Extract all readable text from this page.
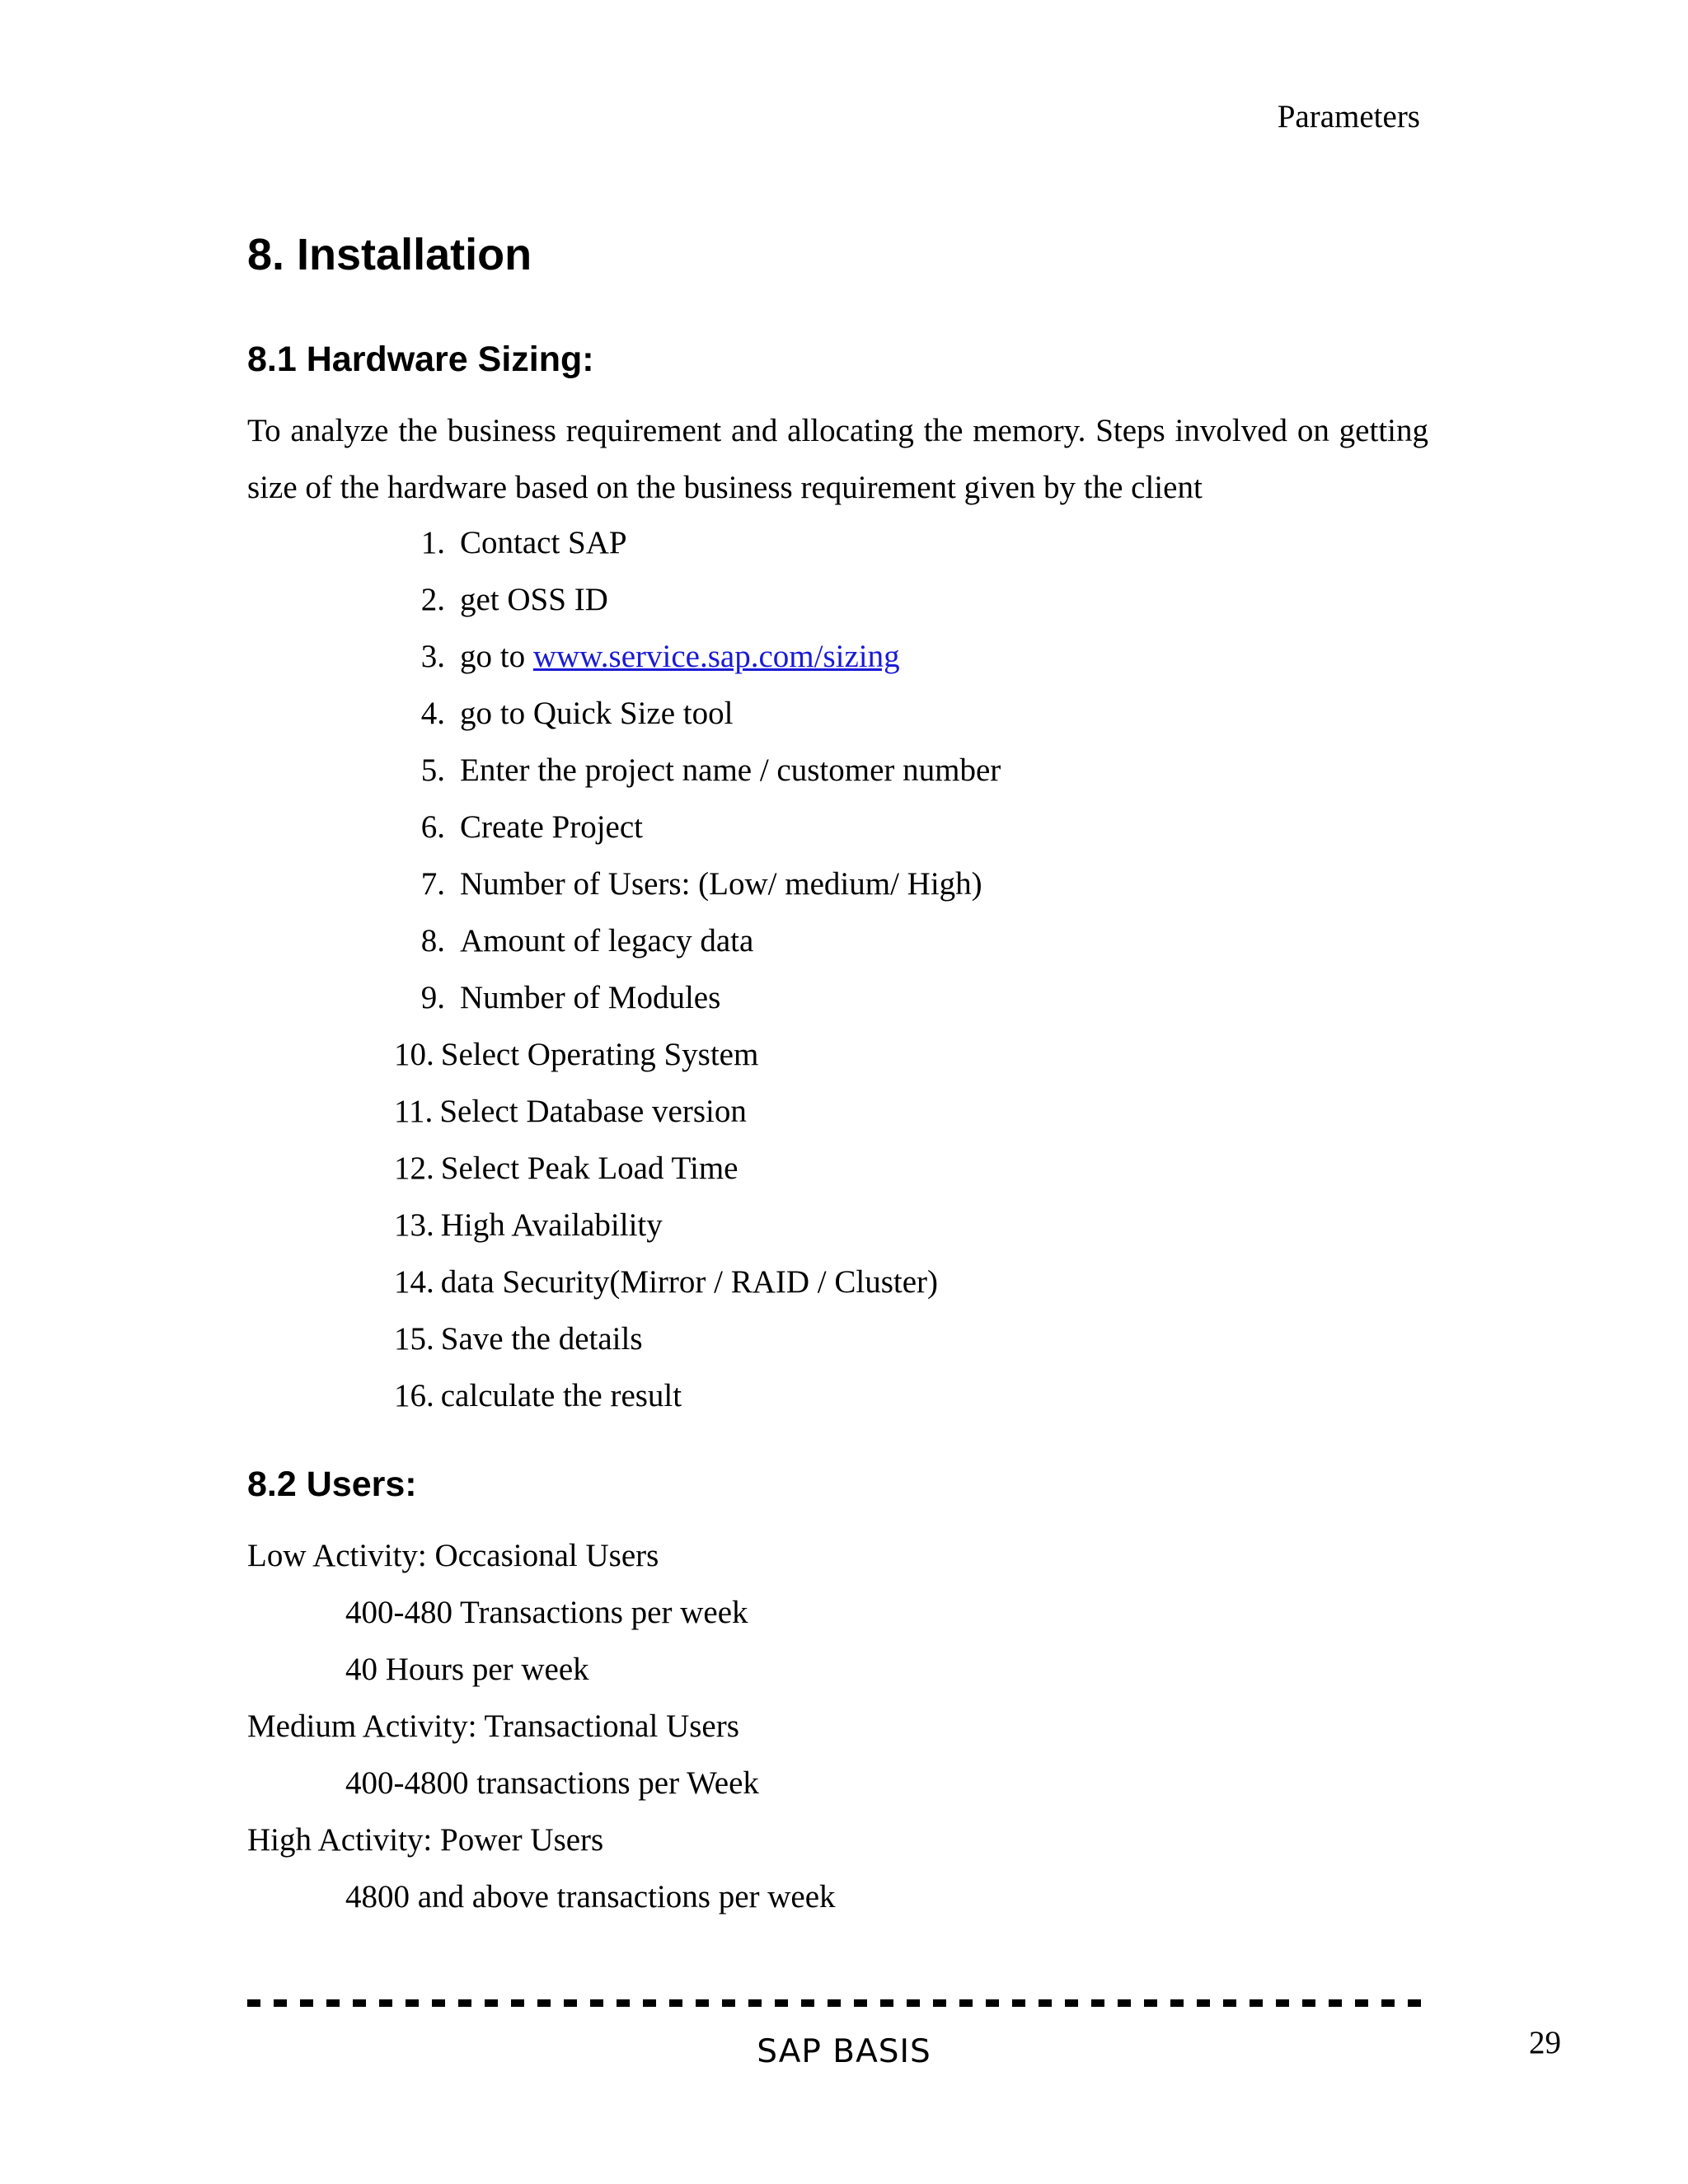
Parameters
8. Installation
8.1 Hardware Sizing:

To analyze the business requirement and allocating the memory. Steps involved on getting size of the hardware based on the business requirement given by the client

1. Contact SAP
2. get OSS ID
3. go to www.service.sap.com/sizing
4. go to Quick Size tool
5. Enter the project name / customer number
6. Create Project
7. Number of Users: (Low/ medium/ High)
8. Amount of legacy data
9. Number of Modules
10. Select Operating System
11. Select Database version
12. Select Peak Load Time
13. High Availability
14. data Security(Mirror / RAID / Cluster)
15. Save the details
16. calculate the result
8.2 Users:
Low Activity: Occasional Users
400-480 Transactions per week
40 Hours per week
Medium Activity: Transactional Users
400-4800 transactions per Week
High Activity: Power Users
4800 and above transactions per week
SAP BASIS	29
